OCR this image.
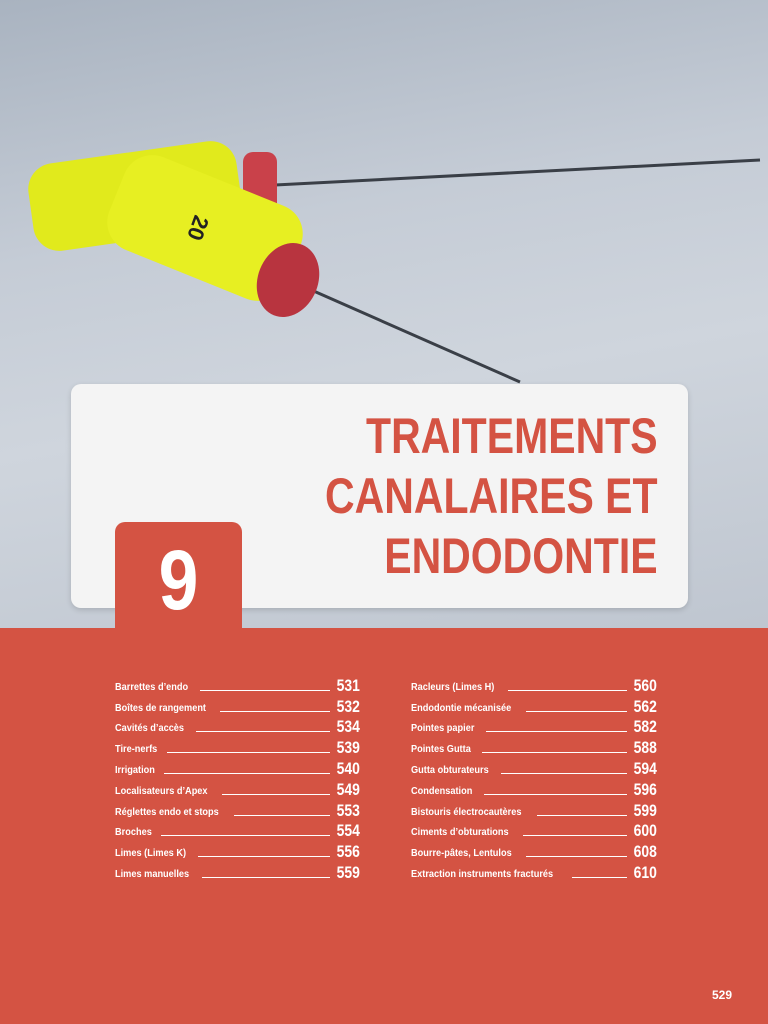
20
TRAITEMENTS
CANALAIRES ET
ENDODONTIE
9
Barrettes d’endo	531
Boîtes de rangement	532
Cavités d’accès	534
Tire-nerfs	539
Irrigation	540
Localisateurs d’Apex	549
Réglettes endo et stops	553
Broches	554
Limes (Limes K)	556
Limes manuelles	559
Racleurs (Limes H)	560
Endodontie mécanisée	562
Pointes papier	582
Pointes Gutta	588
Gutta obturateurs	594
Condensation	596
Bistouris électrocautères	599
Ciments d’obturations	600
Bourre-pâtes, Lentulos	608
Extraction instruments fracturés	610
529
